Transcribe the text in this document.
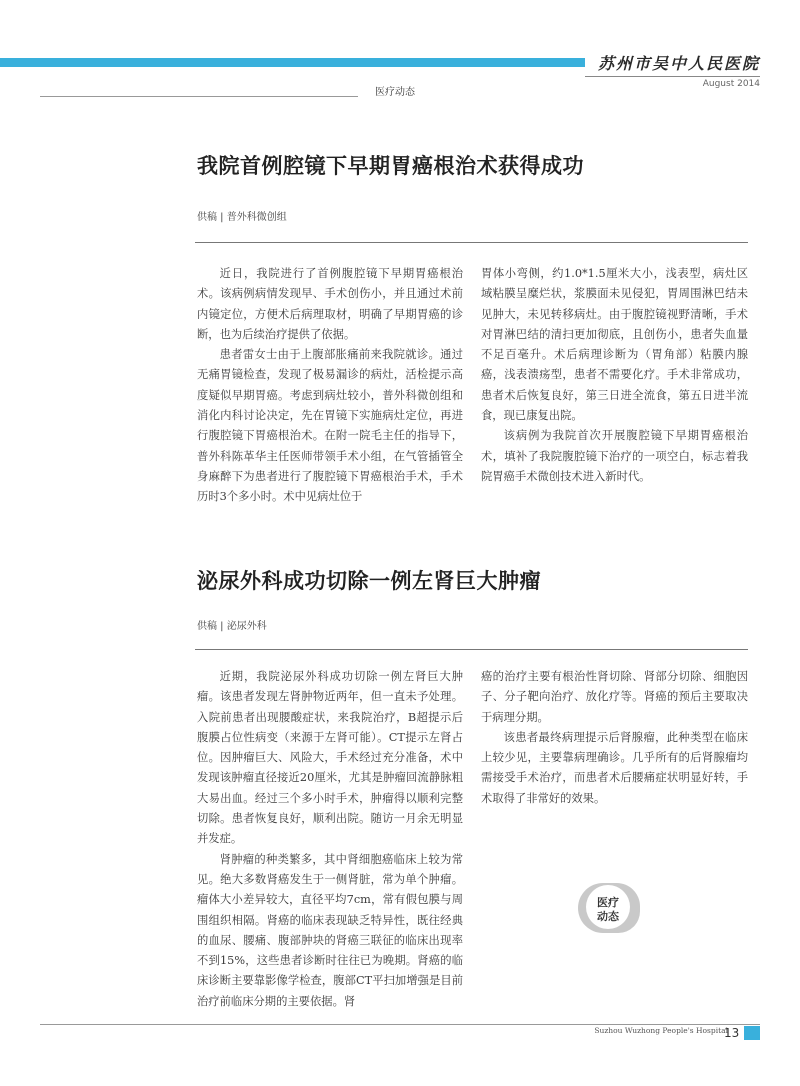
苏州市吴中人民医院
August 2014
医疗动态
我院首例腔镜下早期胃癌根治术获得成功
供稿 | 普外科微创组

近日，我院进行了首例腹腔镜下早期胃癌根治术。该病例病情发现早、手术创伤小，并且通过术前内镜定位，方便术后病理取材，明确了早期胃癌的诊断，也为后续治疗提供了依据。

患者雷女士由于上腹部胀痛前来我院就诊。通过无痛胃镜检查，发现了极易漏诊的病灶，活检提示高度疑似早期胃癌。考虑到病灶较小，普外科微创组和消化内科讨论决定，先在胃镜下实施病灶定位，再进行腹腔镜下胃癌根治术。在附一院毛主任的指导下，普外科陈革华主任医师带领手术小组，在气管插管全身麻醉下为患者进行了腹腔镜下胃癌根治手术，手术历时3个多小时。术中见病灶位于

胃体小弯侧，约1.0*1.5厘米大小，浅表型，病灶区域粘膜呈糜烂状，浆膜面未见侵犯，胃周围淋巴结未见肿大，未见转移病灶。由于腹腔镜视野清晰，手术对胃淋巴结的清扫更加彻底，且创伤小，患者失血量不足百毫升。术后病理诊断为（胃角部）粘膜内腺癌，浅表溃疡型，患者不需要化疗。手术非常成功，患者术后恢复良好，第三日进全流食，第五日进半流食，现已康复出院。

该病例为我院首次开展腹腔镜下早期胃癌根治术，填补了我院腹腔镜下治疗的一项空白，标志着我院胃癌手术微创技术进入新时代。

泌尿外科成功切除一例左肾巨大肿瘤
供稿 | 泌尿外科

近期，我院泌尿外科成功切除一例左肾巨大肿瘤。该患者发现左肾肿物近两年，但一直未予处理。入院前患者出现腰酸症状，来我院治疗，B超提示后腹膜占位性病变（来源于左肾可能）。CT提示左肾占位。因肿瘤巨大、风险大，手术经过充分准备，术中发现该肿瘤直径接近20厘米，尤其是肿瘤回流静脉粗大易出血。经过三个多小时手术，肿瘤得以顺利完整切除。患者恢复良好，顺利出院。随访一月余无明显并发症。

肾肿瘤的种类繁多，其中肾细胞癌临床上较为常见。绝大多数肾癌发生于一侧肾脏，常为单个肿瘤。瘤体大小差异较大，直径平均7cm，常有假包膜与周围组织相隔。肾癌的临床表现缺乏特异性，既往经典的血尿、腰痛、腹部肿块的肾癌三联征的临床出现率不到15%，这些患者诊断时往往已为晚期。肾癌的临床诊断主要靠影像学检查，腹部CT平扫加增强是目前治疗前临床分期的主要依据。肾

癌的治疗主要有根治性肾切除、肾部分切除、细胞因子、分子靶向治疗、放化疗等。肾癌的预后主要取决于病理分期。

该患者最终病理提示后肾腺瘤，此种类型在临床上较少见，主要靠病理确诊。几乎所有的后肾腺瘤均需接受手术治疗，而患者术后腰痛症状明显好转，手术取得了非常好的效果。

医疗
动态
Suzhou Wuzhong People's Hospital
13
